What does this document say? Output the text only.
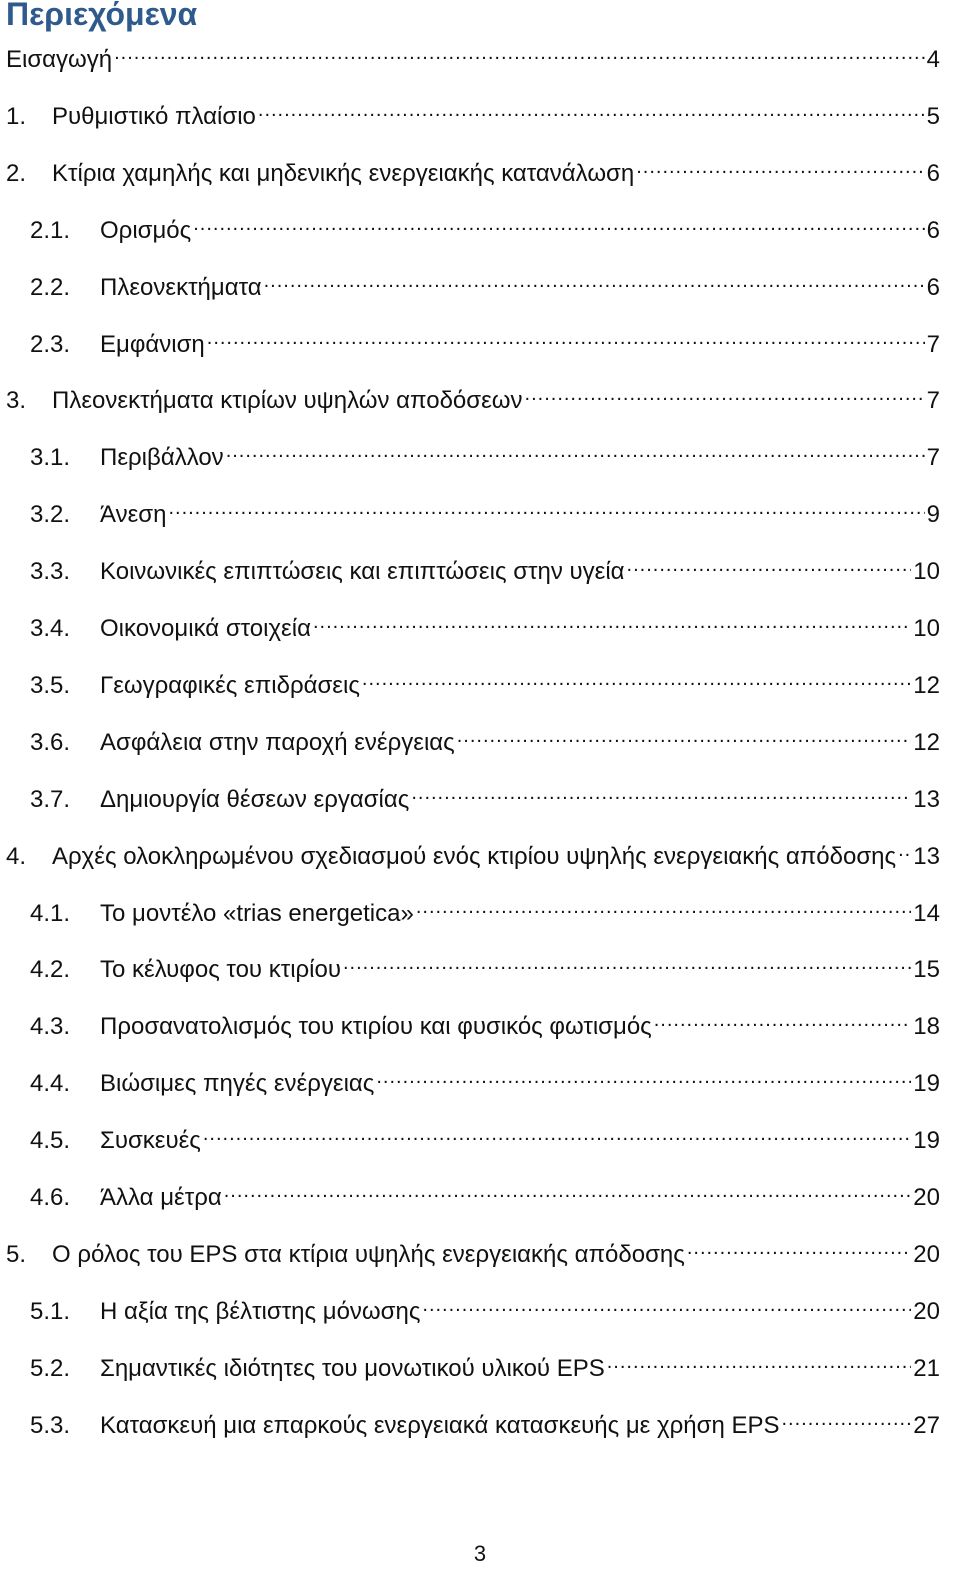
Περιεχόμενα
Εισαγωγή .....	4
1.	Ρυθμιστικό πλαίσιο .....	5
2.	Κτίρια χαμηλής και μηδενικής ενεργειακής κατανάλωση .....	6
2.1.	Ορισμός .....	6
2.2.	Πλεονεκτήματα .....	6
2.3.	Εμφάνιση .....	7
3.	Πλεονεκτήματα κτιρίων υψηλών αποδόσεων .....	7
3.1.	Περιβάλλον .....	7
3.2.	Άνεση .....	9
3.3.	Κοινωνικές επιπτώσεις και επιπτώσεις στην υγεία .....	10
3.4.	Οικονομικά στοιχεία .....	10
3.5.	Γεωγραφικές επιδράσεις .....	12
3.6.	Ασφάλεια στην παροχή ενέργειας .....	12
3.7.	Δημιουργία θέσεων εργασίας .....	13
4.	Αρχές ολοκληρωμένου σχεδιασμού ενός κτιρίου υψηλής ενεργειακής απόδοσης ..... 13
4.1.	Το μοντέλο «trias energetica» .....	14
4.2.	Το κέλυφος του κτιρίου .....	15
4.3.	Προσανατολισμός του κτιρίου και φυσικός φωτισμός .....	18
4.4.	Βιώσιμες πηγές ενέργειας .....	19
4.5.	Συσκευές .....	19
4.6.	Άλλα μέτρα .....	20
5.	Ο ρόλος του EPS στα κτίρια υψηλής ενεργειακής απόδοσης .....	20
5.1.	Η αξία της βέλτιστης μόνωσης .....	20
5.2.	Σημαντικές ιδιότητες του μονωτικού υλικού EPS .....	21
5.3.	Κατασκευή μια επαρκούς ενεργειακά κατασκευής με χρήση EPS .....	27
3
